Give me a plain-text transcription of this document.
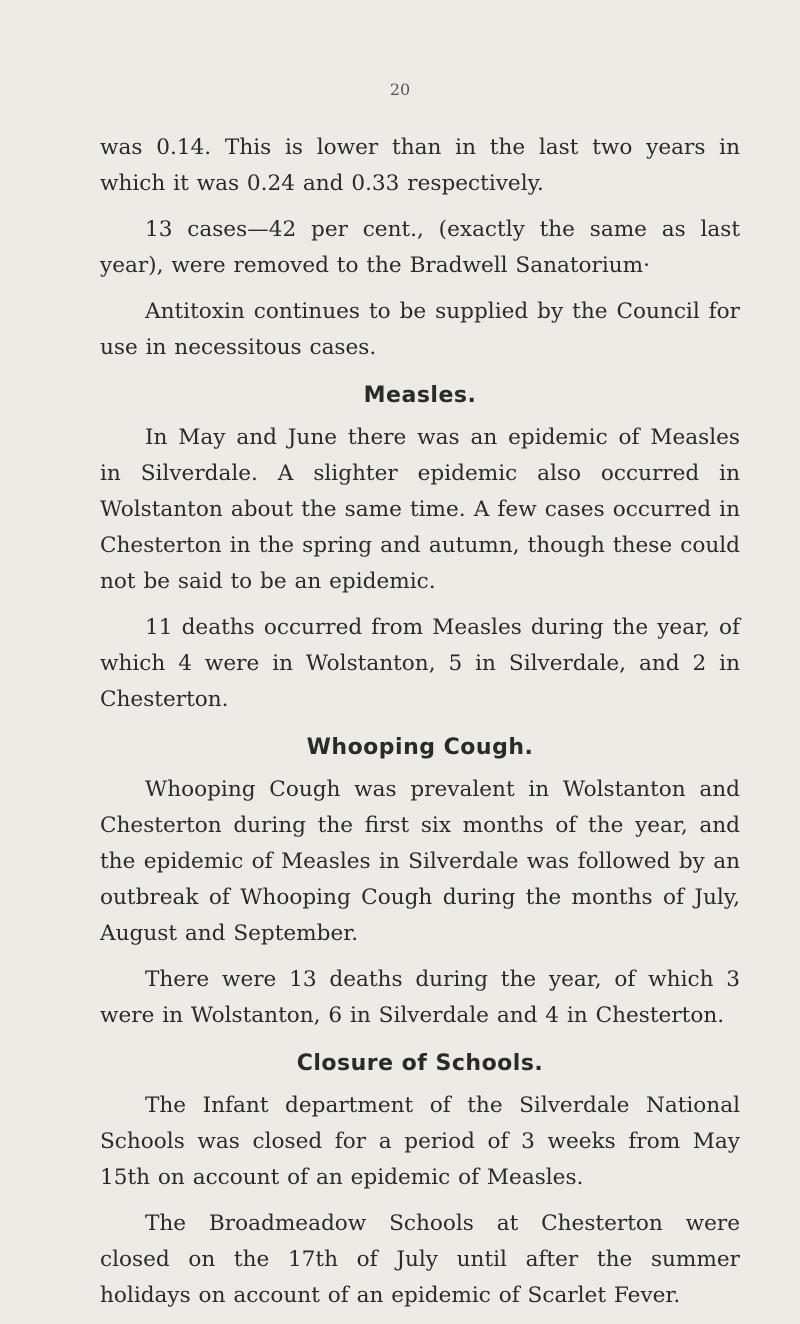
20

was 0.14. This is lower than in the last two years in which it was 0.24 and 0.33 respectively.

13 cases—42 per cent., (exactly the same as last year), were removed to the Bradwell Sanatorium·

Antitoxin continues to be supplied by the Council for use in necessitous cases.

Measles.

In May and June there was an epidemic of Measles in Silverdale. A slighter epidemic also occurred in Wolstanton about the same time. A few cases occurred in Chesterton in the spring and autumn, though these could not be said to be an epidemic.

11 deaths occurred from Measles during the year, of which 4 were in Wolstanton, 5 in Silverdale, and 2 in Chesterton.

Whooping Cough.

Whooping Cough was prevalent in Wolstanton and Chesterton during the first six months of the year, and the epidemic of Measles in Silverdale was followed by an outbreak of Whooping Cough during the months of July, August and September.

There were 13 deaths during the year, of which 3 were in Wolstanton, 6 in Silverdale and 4 in Chesterton.

Closure of Schools.

The Infant department of the Silverdale National Schools was closed for a period of 3 weeks from May 15th on account of an epidemic of Measles.

The Broadmeadow Schools at Chesterton were closed on the 17th of July until after the summer holidays on account of an epidemic of Scarlet Fever.
